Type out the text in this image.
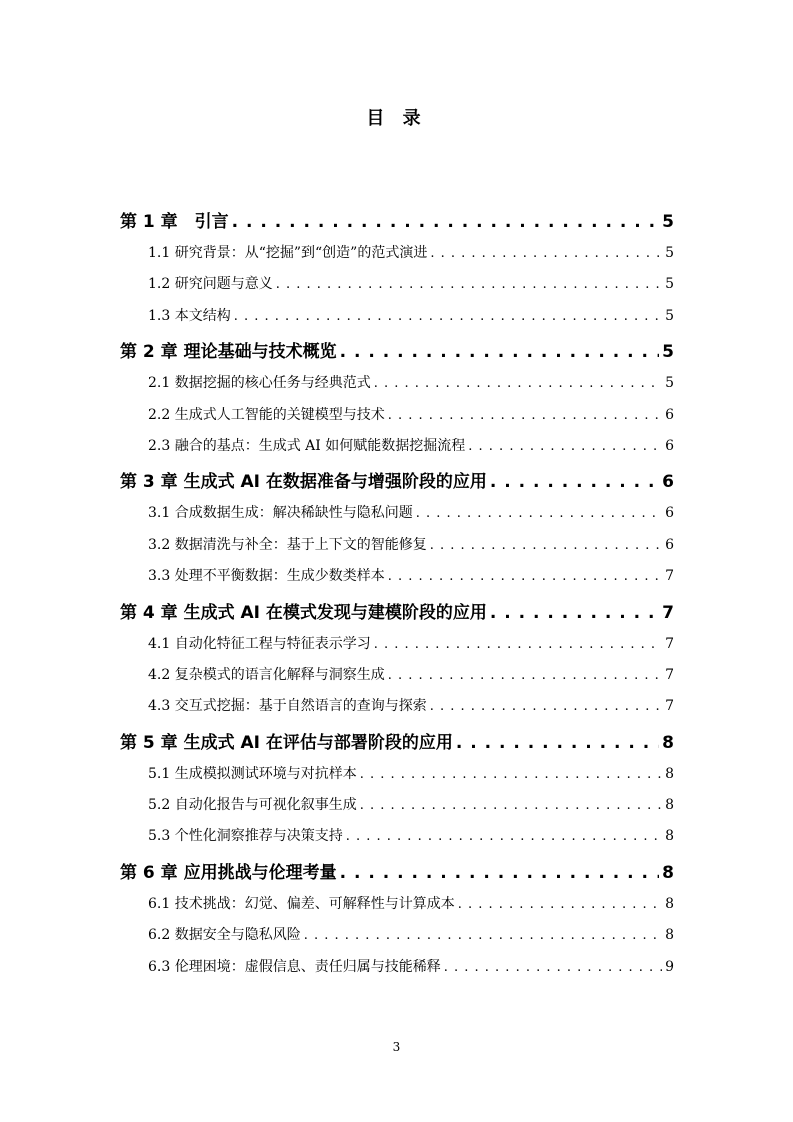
目 录
第 1 章　引言 . . .	5
1.1 研究背景：从“挖掘”到“创造”的范式演进 . . .	5
1.2 研究问题与意义 . . .	5
1.3 本文结构 . . .	5
第 2 章 理论基础与技术概览 . . .	5
2.1 数据挖掘的核心任务与经典范式 . . .	5
2.2 生成式人工智能的关键模型与技术 . . .	6
2.3 融合的基点：生成式 AI 如何赋能数据挖掘流程 . . .	6
第 3 章 生成式 AI 在数据准备与增强阶段的应用 . . .	6
3.1 合成数据生成：解决稀缺性与隐私问题 . . .	6
3.2 数据清洗与补全：基于上下文的智能修复 . . .	6
3.3 处理不平衡数据：生成少数类样本 . . .	7
第 4 章 生成式 AI 在模式发现与建模阶段的应用 . . .	7
4.1 自动化特征工程与特征表示学习 . . .	7
4.2 复杂模式的语言化解释与洞察生成 . . .	7
4.3 交互式挖掘：基于自然语言的查询与探索 . . .	7
第 5 章 生成式 AI 在评估与部署阶段的应用 . . .	8
5.1 生成模拟测试环境与对抗样本 . . .	8
5.2 自动化报告与可视化叙事生成 . . .	8
5.3 个性化洞察推荐与决策支持 . . .	8
第 6 章 应用挑战与伦理考量 . . .	8
6.1 技术挑战：幻觉、偏差、可解释性与计算成本 . . .	8
6.2 数据安全与隐私风险 . . .	8
6.3 伦理困境：虚假信息、责任归属与技能稀释 . . .	9
3
